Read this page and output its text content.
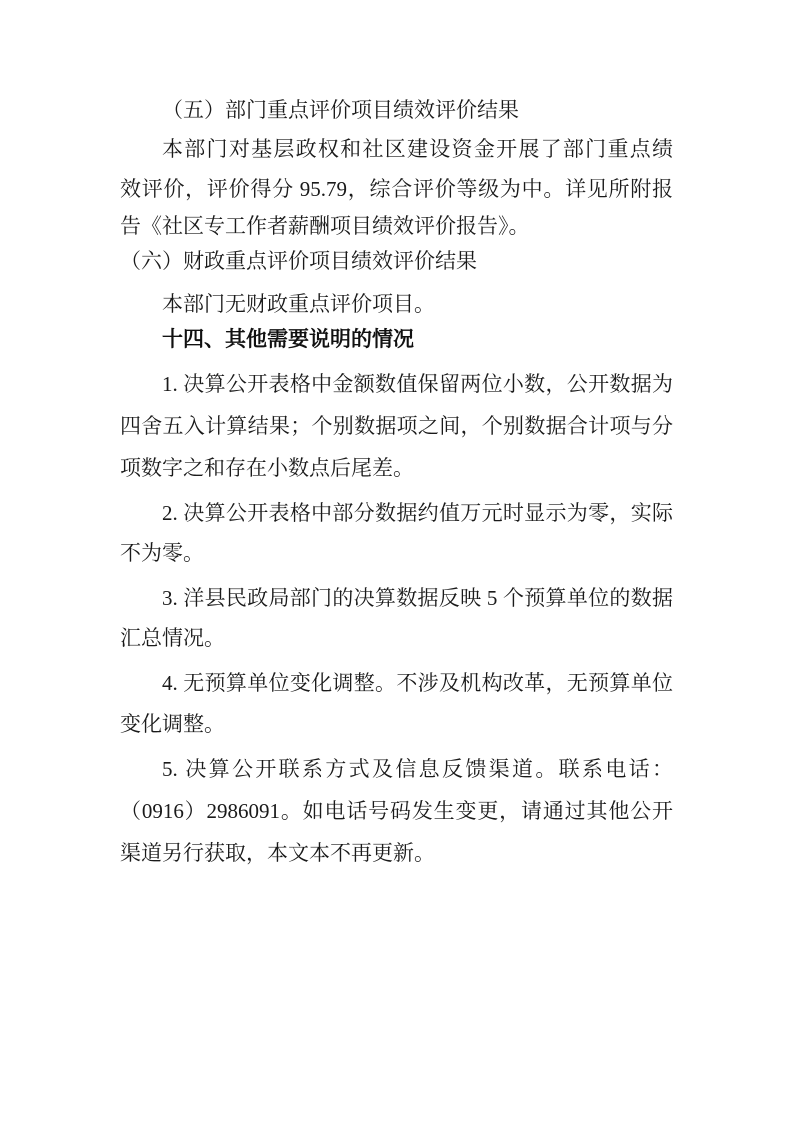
（五）部门重点评价项目绩效评价结果
本部门对基层政权和社区建设资金开展了部门重点绩
效评价，评价得分 95.79，综合评价等级为中。详见所附报
告《社区专工作者薪酬项目绩效评价报告》。
（六）财政重点评价项目绩效评价结果
本部门无财政重点评价项目。
十四、其他需要说明的情况
1. 决算公开表格中金额数值保留两位小数，公开数据为
四舍五入计算结果；个别数据项之间，个别数据合计项与分
项数字之和存在小数点后尾差。
2. 决算公开表格中部分数据约值万元时显示为零，实际
不为零。
3. 洋县民政局部门的决算数据反映 5 个预算单位的数据
汇总情况。
4. 无预算单位变化调整。不涉及机构改革，无预算单位
变化调整。
5. 决算公开联系方式及信息反馈渠道。联系电话：
（0916）2986091。如电话号码发生变更，请通过其他公开
渠道另行获取，本文本不再更新。
